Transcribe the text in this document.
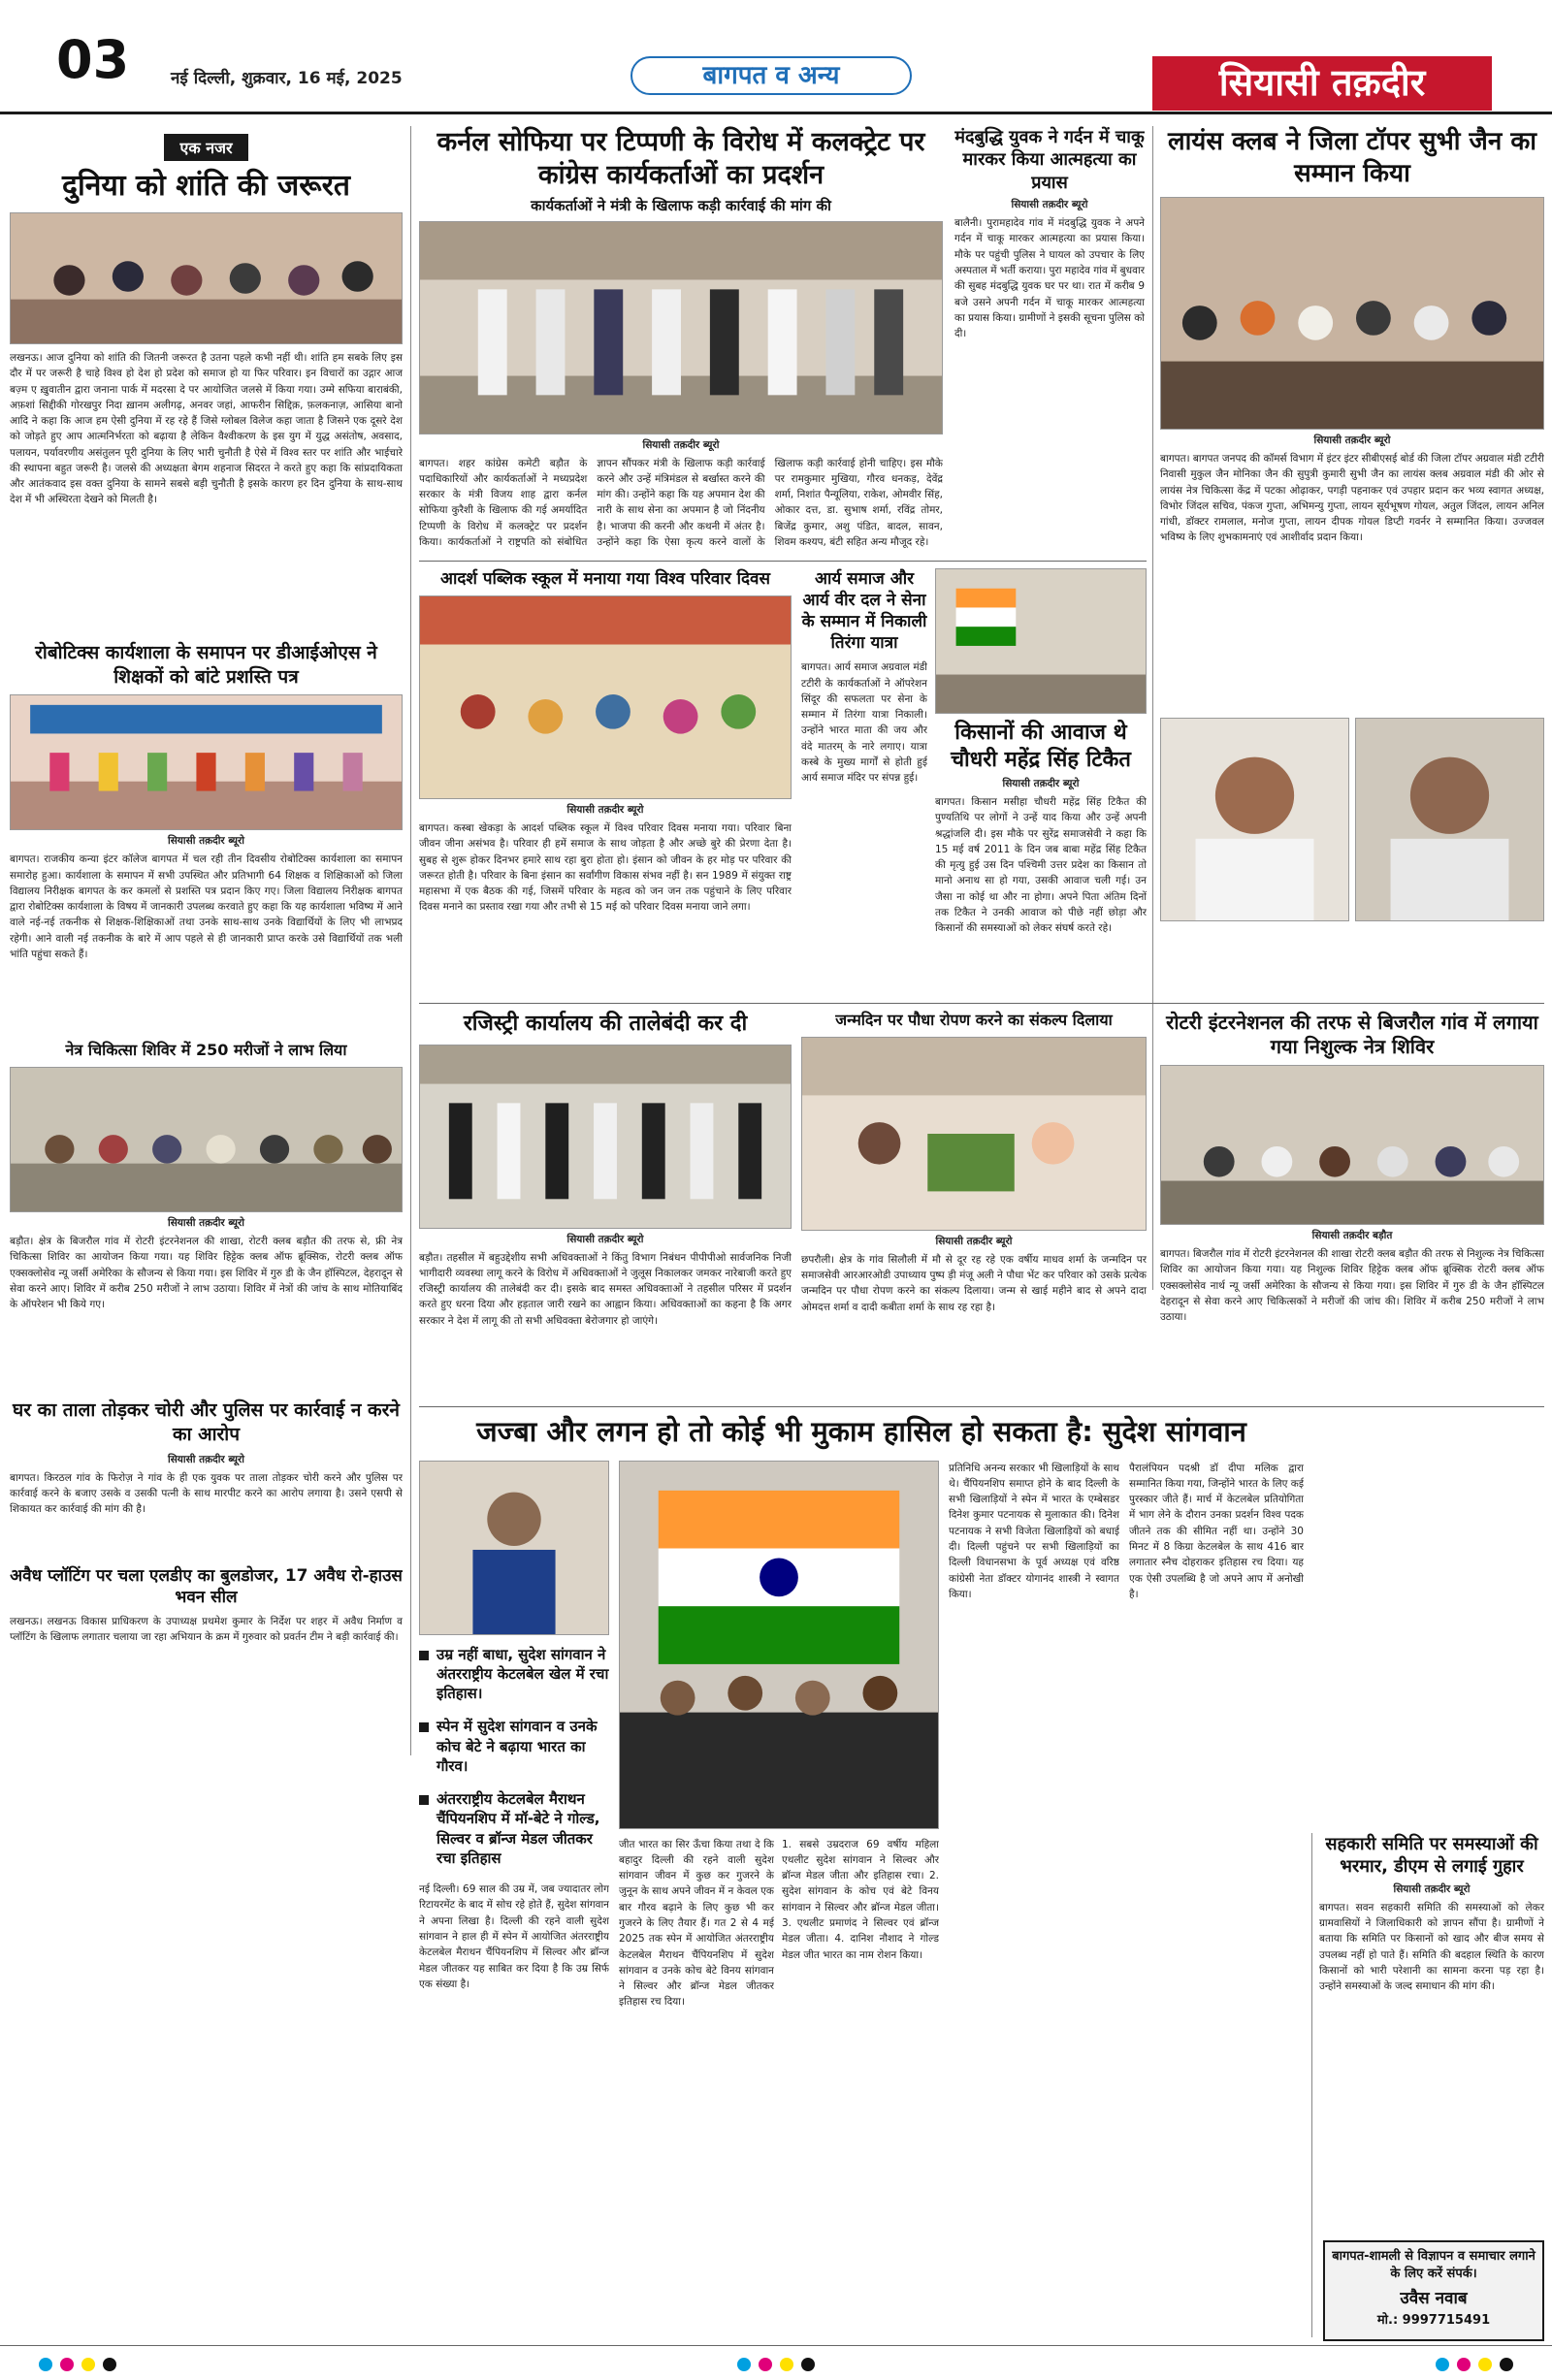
03	नई दिल्ली, शुक्रवार, 16 मई, 2025	बागपत व अन्य	सियासी तक़दीर
एक नजर
दुनिया को शांति की जरूरत

लखनऊ। आज दुनिया को शांति की जितनी जरूरत है उतना पहले कभी नहीं थी। शांति हम सबके लिए इस दौर में पर जरूरी है चाहे विश्व हो देश हो प्रदेश को समाज हो या फिर परिवार। इन विचारों का उद्गार आज बज़्म ए ख़ुवातीन द्वारा जनाना पार्क में मदरसा दे पर आयोजित जलसे में किया गया। उम्मे सफिया बाराबंकी, अफ़शां सिद्दीकी गोरखपुर निदा ख़ानम अलीगढ़, अनवर जहां, आफरीन सिद्दिक़, फ़लकनाज़, आसिया बानो आदि ने कहा कि आज हम ऐसी दुनिया में रह रहे हैं जिसे ग्लोबल विलेज कहा जाता है जिसने एक दूसरे देश को जोड़ते हुए आप आत्मनिर्भरता को बढ़ाया है लेकिन वैश्वीकरण के इस युग में युद्ध असंतोष, अवसाद, पलायन, पर्यावरणीय असंतुलन पूरी दुनिया के लिए भारी चुनौती है ऐसे में विश्व स्तर पर शांति और भाईचारे की स्थापना बहुत जरूरी है। जलसे की अध्यक्षता बेगम शहनाज सिदरत ने करते हुए कहा कि सांप्रदायिकता और आतंकवाद इस वक्त दुनिया के सामने सबसे बड़ी चुनौती है इसके कारण हर दिन दुनिया के साथ-साथ देश में भी अस्थिरता देखने को मिलती है।

रोबोटिक्स कार्यशाला के समापन पर डीआईओएस ने शिक्षकों को बांटे प्रशस्ति पत्र
सियासी तक़दीर ब्यूरो

बागपत। राजकीय कन्या इंटर कॉलेज बागपत में चल रही तीन दिवसीय रोबोटिक्स कार्यशाला का समापन समारोह हुआ। कार्यशाला के समापन में सभी उपस्थित और प्रतिभागी 64 शिक्षक व शिक्षिकाओं को जिला विद्यालय निरीक्षक बागपत के कर कमलों से प्रशस्ति पत्र प्रदान किए गए। जिला विद्यालय निरीक्षक बागपत द्वारा रोबोटिक्स कार्यशाला के विषय में जानकारी उपलब्ध करवाते हुए कहा कि यह कार्यशाला भविष्य में आने वाले नई-नई तकनीक से शिक्षक-शिक्षिकाओं तथा उनके साथ-साथ उनके विद्यार्थियों के लिए भी लाभप्रद रहेगी। आने वाली नई तकनीक के बारे में आप पहले से ही जानकारी प्राप्त करके उसे विद्यार्थियों तक भली भांति पहुंचा सकते हैं।

नेत्र चिकित्सा शिविर में 250 मरीजों ने लाभ लिया
सियासी तक़दीर ब्यूरो

बड़ौत। क्षेत्र के बिजरौल गांव में रोटरी इंटरनेशनल की शाखा, रोटरी क्लब बड़ौत की तरफ से, फ्री नेत्र चिकित्सा शिविर का आयोजन किया गया। यह शिविर हिट्टेक क्लब ऑफ ब्रूक्सिक, रोटरी क्लब ऑफ एक्सक्लोसेव न्यू जर्सी अमेरिका के सौजन्य से किया गया। इस शिविर में गुरु डी के जैन हॉस्पिटल, देहरादून से सेवा करने आए। शिविर में करीब 250 मरीजों ने लाभ उठाया। शिविर में नेत्रों की जांच के साथ मोतियाबिंद के ऑपरेशन भी किये गए।

घर का ताला तोड़कर चोरी और पुलिस पर कार्रवाई न करने का आरोप
सियासी तक़दीर ब्यूरो

बागपत। किरठल गांव के फिरोज़ ने गांव के ही एक युवक पर ताला तोड़कर चोरी करने और पुलिस पर कार्रवाई करने के बजाए उसके व उसकी पत्नी के साथ मारपीट करने का आरोप लगाया है। उसने एसपी से शिकायत कर कार्रवाई की मांग की है।

अवैध प्लॉटिंग पर चला एलडीए का बुलडोजर, 17 अवैध रो-हाउस भवन सील

लखनऊ। लखनऊ विकास प्राधिकरण के उपाध्यक्ष प्रथमेश कुमार के निर्देश पर शहर में अवैध निर्माण व प्लॉटिंग के खिलाफ लगातार चलाया जा रहा अभियान के क्रम में गुरुवार को प्रवर्तन टीम ने बड़ी कार्रवाई की।

कर्नल सोफिया पर टिप्पणी के विरोध में कलक्ट्रेट पर कांग्रेस कार्यकर्ताओं का प्रदर्शन
कार्यकर्ताओं ने मंत्री के खिलाफ कड़ी कार्रवाई की मांग की
सियासी तक़दीर ब्यूरो

बागपत। शहर कांग्रेस कमेटी बड़ौत के पदाधिकारियों और कार्यकर्ताओं ने मध्यप्रदेश सरकार के मंत्री विजय शाह द्वारा कर्नल सोफिया कुरैशी के खिलाफ की गई अमर्यादित टिप्पणी के विरोध में कलक्ट्रेट पर प्रदर्शन किया। कार्यकर्ताओं ने राष्ट्रपति को संबोधित ज्ञापन सौंपकर मंत्री के खिलाफ कड़ी कार्रवाई करने और उन्हें मंत्रिमंडल से बर्खास्त करने की मांग की। उन्होंने कहा कि यह अपमान देश की नारी के साथ सेना का अपमान है जो निंदनीय है। भाजपा की करनी और कथनी में अंतर है। उन्होंने कहा कि ऐसा कृत्य करने वालों के खिलाफ कड़ी कार्रवाई होनी चाहिए। इस मौके पर रामकुमार मुखिया, गौरव धनकड़, देवेंद्र शर्मा, निशांत पैन्यूलिया, राकेश, ओमवीर सिंह, ओकार दत्त, डा. सुभाष शर्मा, रविंद्र तोमर, बिजेंद्र कुमार, अशु पंडित, बादल, सावन, शिवम कश्यप, बंटी सहित अन्य मौजूद रहे।

मंदबुद्धि युवक ने गर्दन में चाकू मारकर किया आत्महत्या का प्रयास
सियासी तक़दीर ब्यूरो

बालैनी। पुरामहादेव गांव में मंदबुद्धि युवक ने अपने गर्दन में चाकू मारकर आत्महत्या का प्रयास किया। मौके पर पहुंची पुलिस ने घायल को उपचार के लिए अस्पताल में भर्ती कराया। पुरा महादेव गांव में बुधवार की सुबह मंदबुद्धि युवक घर पर था। रात में करीब 9 बजे उसने अपनी गर्दन में चाकू मारकर आत्महत्या का प्रयास किया। ग्रामीणों ने इसकी सूचना पुलिस को दी।

लायंस क्लब ने जिला टॉपर सुभी जैन का सम्मान किया
सियासी तक़दीर ब्यूरो

बागपत। बागपत जनपद की कॉमर्स विभाग में इंटर इंटर सीबीएसई बोर्ड की जिला टॉपर अग्रवाल मंडी टटीरी निवासी मुकुल जैन मोनिका जैन की सुपुत्री कुमारी सुभी जैन का लायंस क्लब अग्रवाल मंडी की ओर से लायंस नेत्र चिकित्सा केंद्र में पटका ओढ़ाकर, पगड़ी पहनाकर एवं उपहार प्रदान कर भव्य स्वागत अध्यक्ष, विभोर जिंदल सचिव, पंकज गुप्ता, अभिमन्यु गुप्ता, लायन सूर्यभूषण गोयल, अतुल जिंदल, लायन अनिल गांधी, डॉक्टर रामलाल, मनोज गुप्ता, लायन दीपक गोयल डिप्टी गवर्नर ने सम्मानित किया। उज्जवल भविष्य के लिए शुभकामनाएं एवं आशीर्वाद प्रदान किया।

आदर्श पब्लिक स्कूल में मनाया गया विश्व परिवार दिवस
सियासी तक़दीर ब्यूरो

बागपत। कस्बा खेकड़ा के आदर्श पब्लिक स्कूल में विश्व परिवार दिवस मनाया गया। परिवार बिना जीवन जीना असंभव है। परिवार ही हमें समाज के साथ जोड़ता है और अच्छे बुरे की प्रेरणा देता है। सुबह से शुरू होकर दिनभर हमारे साथ रहा बुरा होता हो। इंसान को जीवन के हर मोड़ पर परिवार की जरूरत होती है। परिवार के बिना इंसान का सर्वांगीण विकास संभव नहीं है। सन 1989 में संयुक्त राष्ट्र महासभा में एक बैठक की गई, जिसमें परिवार के महत्व को जन जन तक पहुंचाने के लिए परिवार दिवस मनाने का प्रस्ताव रखा गया और तभी से 15 मई को परिवार दिवस मनाया जाने लगा।

आर्य समाज और आर्य वीर दल ने सेना के सम्मान में निकाली तिरंगा यात्रा

बागपत। आर्य समाज अग्रवाल मंडी टटीरी के कार्यकर्ताओं ने ऑपरेशन सिंदूर की सफलता पर सेना के सम्मान में तिरंगा यात्रा निकाली। उन्होंने भारत माता की जय और वंदे मातरम् के नारे लगाए। यात्रा कस्बे के मुख्य मार्गों से होती हुई आर्य समाज मंदिर पर संपन्न हुई।

किसानों की आवाज थे चौधरी महेंद्र सिंह टिकैत
सियासी तक़दीर ब्यूरो

बागपत। किसान मसीहा चौधरी महेंद्र सिंह टिकैत की पुण्यतिथि पर लोगों ने उन्हें याद किया और उन्हें अपनी श्रद्धांजलि दी। इस मौके पर सुरेंद्र समाजसेवी ने कहा कि 15 मई वर्ष 2011 के दिन जब बाबा महेंद्र सिंह टिकैत की मृत्यु हुई उस दिन पश्चिमी उत्तर प्रदेश का किसान तो मानो अनाथ सा हो गया, उसकी आवाज चली गई। उन जैसा ना कोई था और ना होगा। अपने पिता अंतिम दिनों तक टिकैत ने उनकी आवाज को पीछे नहीं छोड़ा और किसानों की समस्याओं को लेकर संघर्ष करते रहे।

रजिस्ट्री कार्यालय की तालेबंदी कर दी
सियासी तक़दीर ब्यूरो

बड़ौत। तहसील में बहुउद्देशीय सभी अधिवक्ताओं ने किंतु विभाग निबंधन पीपीपीओ सार्वजनिक निजी भागीदारी व्यवस्था लागू करने के विरोध में अधिवक्ताओं ने जुलूस निकालकर जमकर नारेबाजी करते हुए रजिस्ट्री कार्यालय की तालेबंदी कर दी। इसके बाद समस्त अधिवक्ताओं ने तहसील परिसर में प्रदर्शन करते हुए धरना दिया और हड़ताल जारी रखने का आह्वान किया। अधिवक्ताओं का कहना है कि अगर सरकार ने देश में लागू की तो सभी अधिवक्ता बेरोजगार हो जाएंगे।

जन्मदिन पर पौधा रोपण करने का संकल्प दिलाया
सियासी तक़दीर ब्यूरो

छपरौली। क्षेत्र के गांव सिलौली में मौ से दूर रह रहे एक वर्षीय माधव शर्मा के जन्मदिन पर समाजसेवी आरआरओडी उपाध्याय पुष्प ड़ी मंजू अली ने पौधा भेंट कर परिवार को उसके प्रत्येक जन्मदिन पर पौधा रोपण करने का संकल्प दिलाया। जन्म से खाई महीने बाद से अपने दादा ओमदत्त शर्मा व दादी कबीता शर्मा के साथ रह रहा है।

रोटरी इंटरनेशनल की तरफ से बिजरौल गांव में लगाया गया निशुल्क नेत्र शिविर
सियासी तक़दीर बड़ौत

बागपत। बिजरौल गांव में रोटरी इंटरनेशनल की शाखा रोटरी क्लब बड़ौत की तरफ से निशुल्क नेत्र चिकित्सा शिविर का आयोजन किया गया। यह निशुल्क शिविर हिट्टेक क्लब ऑफ ब्रूक्सिक रोटरी क्लब ऑफ एक्सक्लोसेव नार्थ न्यू जर्सी अमेरिका के सौजन्य से किया गया। इस शिविर में गुरु डी के जैन हॉस्पिटल देहरादून से सेवा करने आए चिकित्सकों ने मरीजों की जांच की। शिविर में करीब 250 मरीजों ने लाभ उठाया।

जज्बा और लगन हो तो कोई भी मुकाम हासिल हो सकता है: सुदेश सांगवान
उम्र नहीं बाधा, सुदेश सांगवान ने अंतरराष्ट्रीय केटलबेल खेल में रचा इतिहास।
स्पेन में सुदेश सांगवान व उनके कोच बेटे ने बढ़ाया भारत का गौरव।
अंतरराष्ट्रीय केटलबेल मैराथन चैंपियनशिप में मॉ-बेटे ने गोल्ड, सिल्वर व ब्रॉन्ज मेडल जीतकर रचा इतिहास

नई दिल्ली। 69 साल की उम्र में, जब ज्यादातर लोग रिटायरमेंट के बाद में सोच रहे होते हैं, सुदेश सांगवान ने अपना लिखा है। दिल्ली की रहने वाली सुदेश सांगवान ने हाल ही में स्पेन में आयोजित अंतरराष्ट्रीय केटलबेल मैराथन चैंपियनशिप में सिल्वर और ब्रॉन्ज मेडल जीतकर यह साबित कर दिया है कि उम्र सिर्फ एक संख्या है।

जीत भारत का सिर ऊँचा किया तथा दे कि बहादुर दिल्ली की रहने वाली सुदेश सांगवान जीवन में कुछ कर गुजरने के जुनून के साथ अपने जीवन में न केवल एक बार गौरव बढ़ाने के लिए कुछ भी कर गुजरने के लिए तैयार हैं। गत 2 से 4 मई 2025 तक स्पेन में आयोजित अंतरराष्ट्रीय केटलबेल मैराथन चैंपियनशिप में सुदेश सांगवान व उनके कोच बेटे विनय सांगवान ने सिल्वर और ब्रॉन्ज मेडल जीतकर इतिहास रच दिया।

1. सबसे उम्रदराज 69 वर्षीय महिला एथलीट सुदेश सांगवान ने सिल्वर और ब्रॉन्ज मेडल जीता और इतिहास रचा। 2. सुदेश सांगवान के कोच एवं बेटे विनय सांगवान ने सिल्वर और ब्रॉन्ज मेडल जीता। 3. एथलीट प्रमाणंद ने सिल्वर एवं ब्रॉन्ज मेडल जीता। 4. दानिश नौशाद ने गोल्ड मेडल जीत भारत का नाम रोशन किया।

प्रतिनिधि अनन्य सरकार भी खिलाड़ियों के साथ थे। चैंपियनशिप समाप्त होने के बाद दिल्ली के सभी खिलाड़ियों ने स्पेन में भारत के एम्बेसडर दिनेश कुमार पटनायक से मुलाकात की। दिनेश पटनायक ने सभी विजेता खिलाड़ियों को बधाई दी। दिल्ली पहुंचने पर सभी खिलाड़ियों का दिल्ली विधानसभा के पूर्व अध्यक्ष एवं वरिष्ठ कांग्रेसी नेता डॉक्टर योगानंद शास्त्री ने स्वागत किया।

पैरालंपियन पदश्री डॉ दीपा मलिक द्वारा सम्मानित किया गया, जिन्होंने भारत के लिए कई पुरस्कार जीते हैं। मार्च में केटलबेल प्रतियोगिता में भाग लेने के दौरान उनका प्रदर्शन विश्व पदक जीतने तक की सीमित नहीं था। उन्होंने 30 मिनट में 8 किग्रा केटलबेल के साथ 416 बार लगातार स्नैच दोहराकर इतिहास रच दिया। यह एक ऐसी उपलब्धि है जो अपने आप में अनोखी है।

सहकारी समिति पर समस्याओं की भरमार, डीएम से लगाई गुहार
सियासी तक़दीर ब्यूरो

बागपत। सवन सहकारी समिति की समस्याओं को लेकर ग्रामवासियों ने जिलाधिकारी को ज्ञापन सौंपा है। ग्रामीणों ने बताया कि समिति पर किसानों को खाद और बीज समय से उपलब्ध नहीं हो पाते हैं। समिति की बदहाल स्थिति के कारण किसानों को भारी परेशानी का सामना करना पड़ रहा है। उन्होंने समस्याओं के जल्द समाधान की मांग की।

बागपत-शामली से विज्ञापन व समाचार लगाने के लिए करें संपर्क।
उवैस नवाब
मो.: 9997715491
